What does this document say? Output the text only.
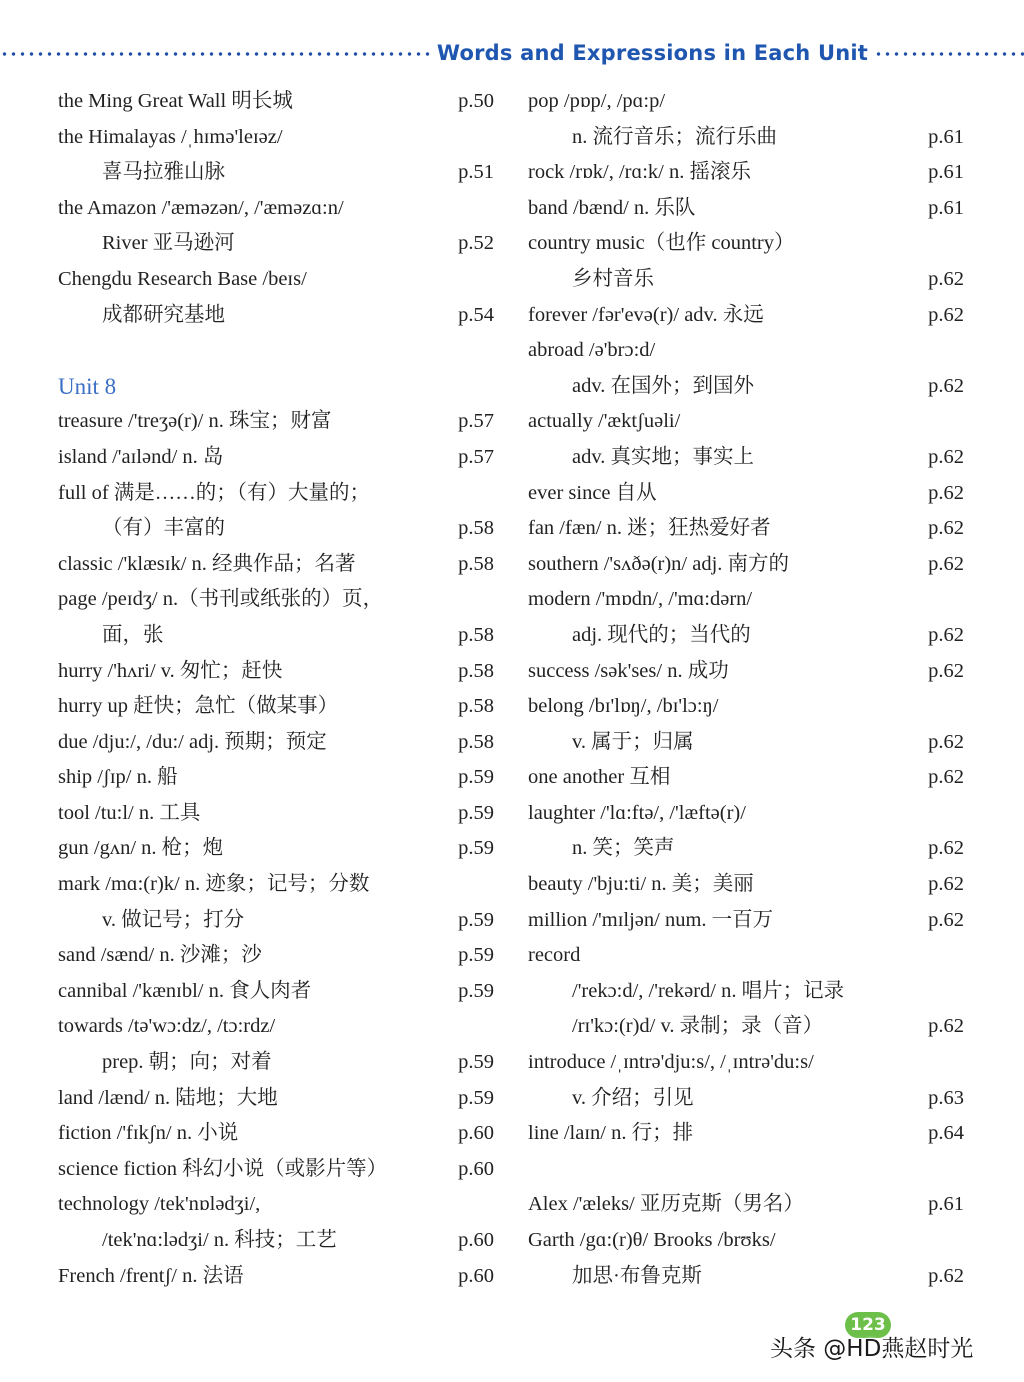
Words and Expressions in Each Unit
the Ming Great Wall 明长城	p.50
the Himalayas /ˌhɪmə'leɪəz/
喜马拉雅山脉	p.51
the Amazon /'æməzən/, /'æməzɑ:n/
River 亚马逊河	p.52
Chengdu Research Base /beɪs/
成都研究基地	p.54
Unit 8
treasure /'treʒə(r)/ n. 珠宝；财富	p.57
island /'aɪlənd/ n. 岛	p.57
full of 满是……的；（有）大量的；
（有）丰富的	p.58
classic /'klæsɪk/ n. 经典作品；名著	p.58
page /peɪdʒ/ n.（书刊或纸张的）页，
面，张	p.58
hurry /'hʌri/ v. 匆忙；赶快	p.58
hurry up 赶快；急忙（做某事）	p.58
due /dju:/, /du:/ adj. 预期；预定	p.58
ship /ʃɪp/ n. 船	p.59
tool /tu:l/ n. 工具	p.59
gun /gʌn/ n. 枪；炮	p.59
mark /mɑ:(r)k/ n. 迹象；记号；分数
v. 做记号；打分	p.59
sand /sænd/ n. 沙滩；沙	p.59
cannibal /'kænɪbl/ n. 食人肉者	p.59
towards /tə'wɔ:dz/, /tɔ:rdz/
prep. 朝；向；对着	p.59
land /lænd/ n. 陆地；大地	p.59
fiction /'fɪkʃn/ n. 小说	p.60
science fiction 科幻小说（或影片等）	p.60
technology /tek'nɒlədʒi/,
/tek'nɑ:lədʒi/ n. 科技；工艺	p.60
French /frentʃ/ n. 法语	p.60
pop /pɒp/, /pɑ:p/
n. 流行音乐；流行乐曲	p.61
rock /rɒk/, /rɑ:k/ n. 摇滚乐	p.61
band /bænd/ n. 乐队	p.61
country music（也作 country）
乡村音乐	p.62
forever /fər'evə(r)/ adv. 永远	p.62
abroad /ə'brɔ:d/
adv. 在国外；到国外	p.62
actually /'æktʃuəli/
adv. 真实地；事实上	p.62
ever since 自从	p.62
fan /fæn/ n. 迷；狂热爱好者	p.62
southern /'sʌðə(r)n/ adj. 南方的	p.62
modern /'mɒdn/, /'mɑ:dərn/
adj. 现代的；当代的	p.62
success /sək'ses/ n. 成功	p.62
belong /bɪ'lɒŋ/, /bɪ'lɔ:ŋ/
v. 属于；归属	p.62
one another 互相	p.62
laughter /'lɑ:ftə/, /'læftə(r)/
n. 笑；笑声	p.62
beauty /'bju:ti/ n. 美；美丽	p.62
million /'mɪljən/ num. 一百万	p.62
record
/'rekɔ:d/, /'rekərd/ n. 唱片；记录
/rɪ'kɔ:(r)d/ v. 录制；录（音）	p.62
introduce /ˌɪntrə'dju:s/, /ˌɪntrə'du:s/
v. 介绍；引见	p.63
line /laɪn/ n. 行；排	p.64
Alex /'æleks/ 亚历克斯（男名）	p.61
Garth /gɑ:(r)θ/ Brooks /brʊks/
加思·布鲁克斯	p.62
123
头条 @HD燕赵时光
